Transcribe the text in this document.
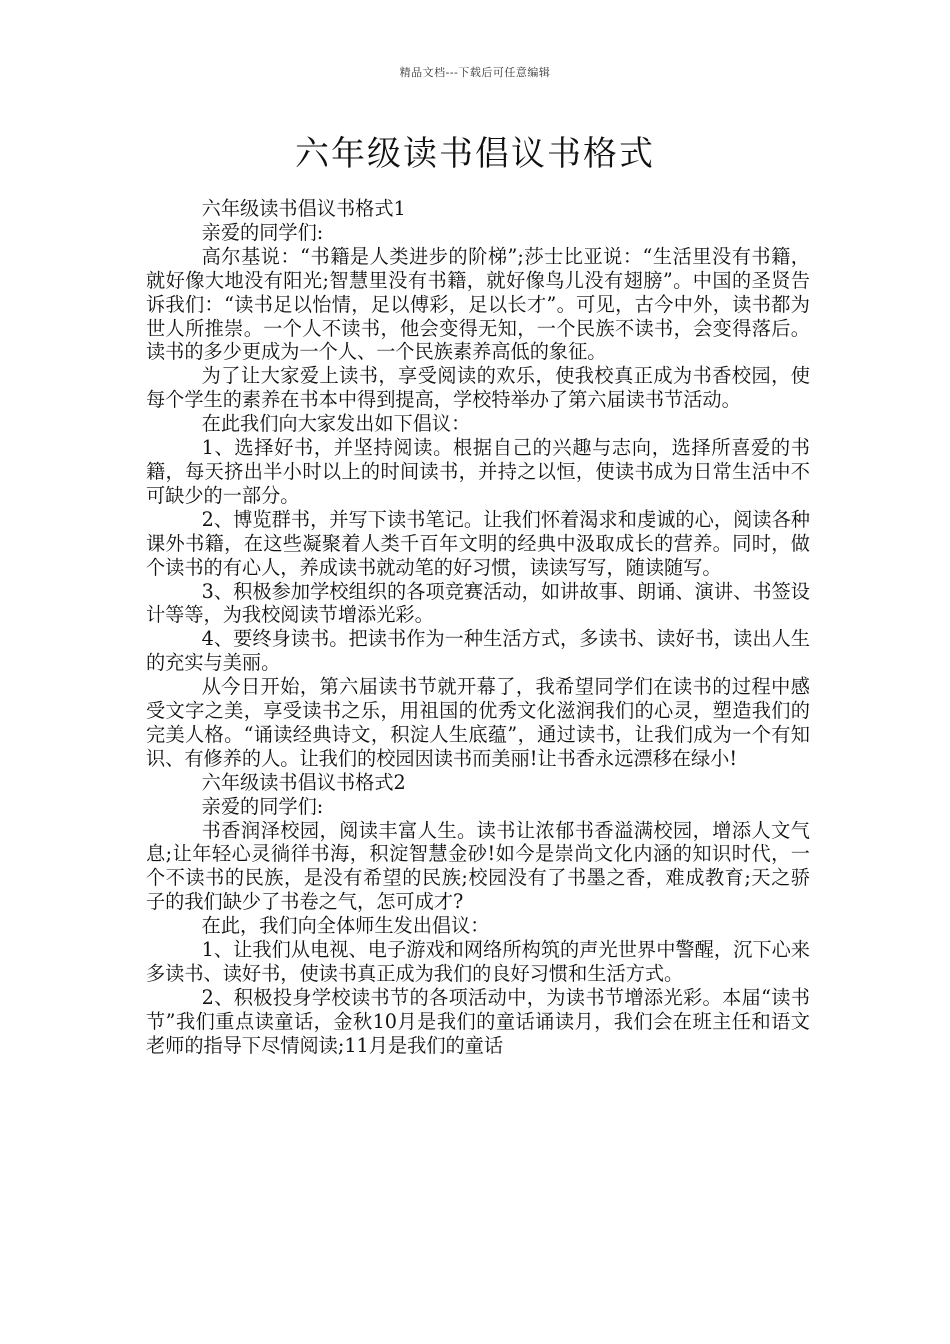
精品文档---下载后可任意编辑
六年级读书倡议书格式

六年级读书倡议书格式1

亲爱的同学们:

高尔基说：“书籍是人类进步的阶梯”;莎士比亚说：“生活里没有书籍，就好像大地没有阳光;智慧里没有书籍，就好像鸟儿没有翅膀”。中国的圣贤告诉我们：“读书足以怡情，足以傅彩，足以长才”。可见，古今中外，读书都为世人所推崇。一个人不读书，他会变得无知，一个民族不读书，会变得落后。读书的多少更成为一个人、一个民族素养高低的象征。

为了让大家爱上读书，享受阅读的欢乐，使我校真正成为书香校园，使每个学生的素养在书本中得到提高，学校特举办了第六届读书节活动。

在此我们向大家发出如下倡议：

1、选择好书，并坚持阅读。根据自己的兴趣与志向，选择所喜爱的书籍，每天挤出半小时以上的时间读书，并持之以恒，使读书成为日常生活中不可缺少的一部分。

2、博览群书，并写下读书笔记。让我们怀着渴求和虔诚的心，阅读各种课外书籍，在这些凝聚着人类千百年文明的经典中汲取成长的营养。同时，做个读书的有心人，养成读书就动笔的好习惯，读读写写，随读随写。

3、积极参加学校组织的各项竞赛活动，如讲故事、朗诵、演讲、书签设计等等，为我校阅读节增添光彩。

4、要终身读书。把读书作为一种生活方式，多读书、读好书，读出人生的充实与美丽。

从今日开始，第六届读书节就开幕了，我希望同学们在读书的过程中感受文字之美，享受读书之乐，用祖国的优秀文化滋润我们的心灵，塑造我们的完美人格。“诵读经典诗文，积淀人生底蕴”，通过读书，让我们成为一个有知识、有修养的人。让我们的校园因读书而美丽!让书香永远漂移在绿小!

六年级读书倡议书格式2

亲爱的同学们:

书香润泽校园，阅读丰富人生。读书让浓郁书香溢满校园，增添人文气息;让年轻心灵徜徉书海，积淀智慧金砂!如今是崇尚文化内涵的知识时代，一个不读书的民族，是没有希望的民族;校园没有了书墨之香，难成教育;天之骄子的我们缺少了书卷之气，怎可成才?

在此，我们向全体师生发出倡议：

1、让我们从电视、电子游戏和网络所构筑的声光世界中警醒，沉下心来多读书、读好书，使读书真正成为我们的良好习惯和生活方式。

2、积极投身学校读书节的各项活动中，为读书节增添光彩。本届“读书节”我们重点读童话，金秋10月是我们的童话诵读月，我们会在班主任和语文老师的指导下尽情阅读;11月是我们的童话
